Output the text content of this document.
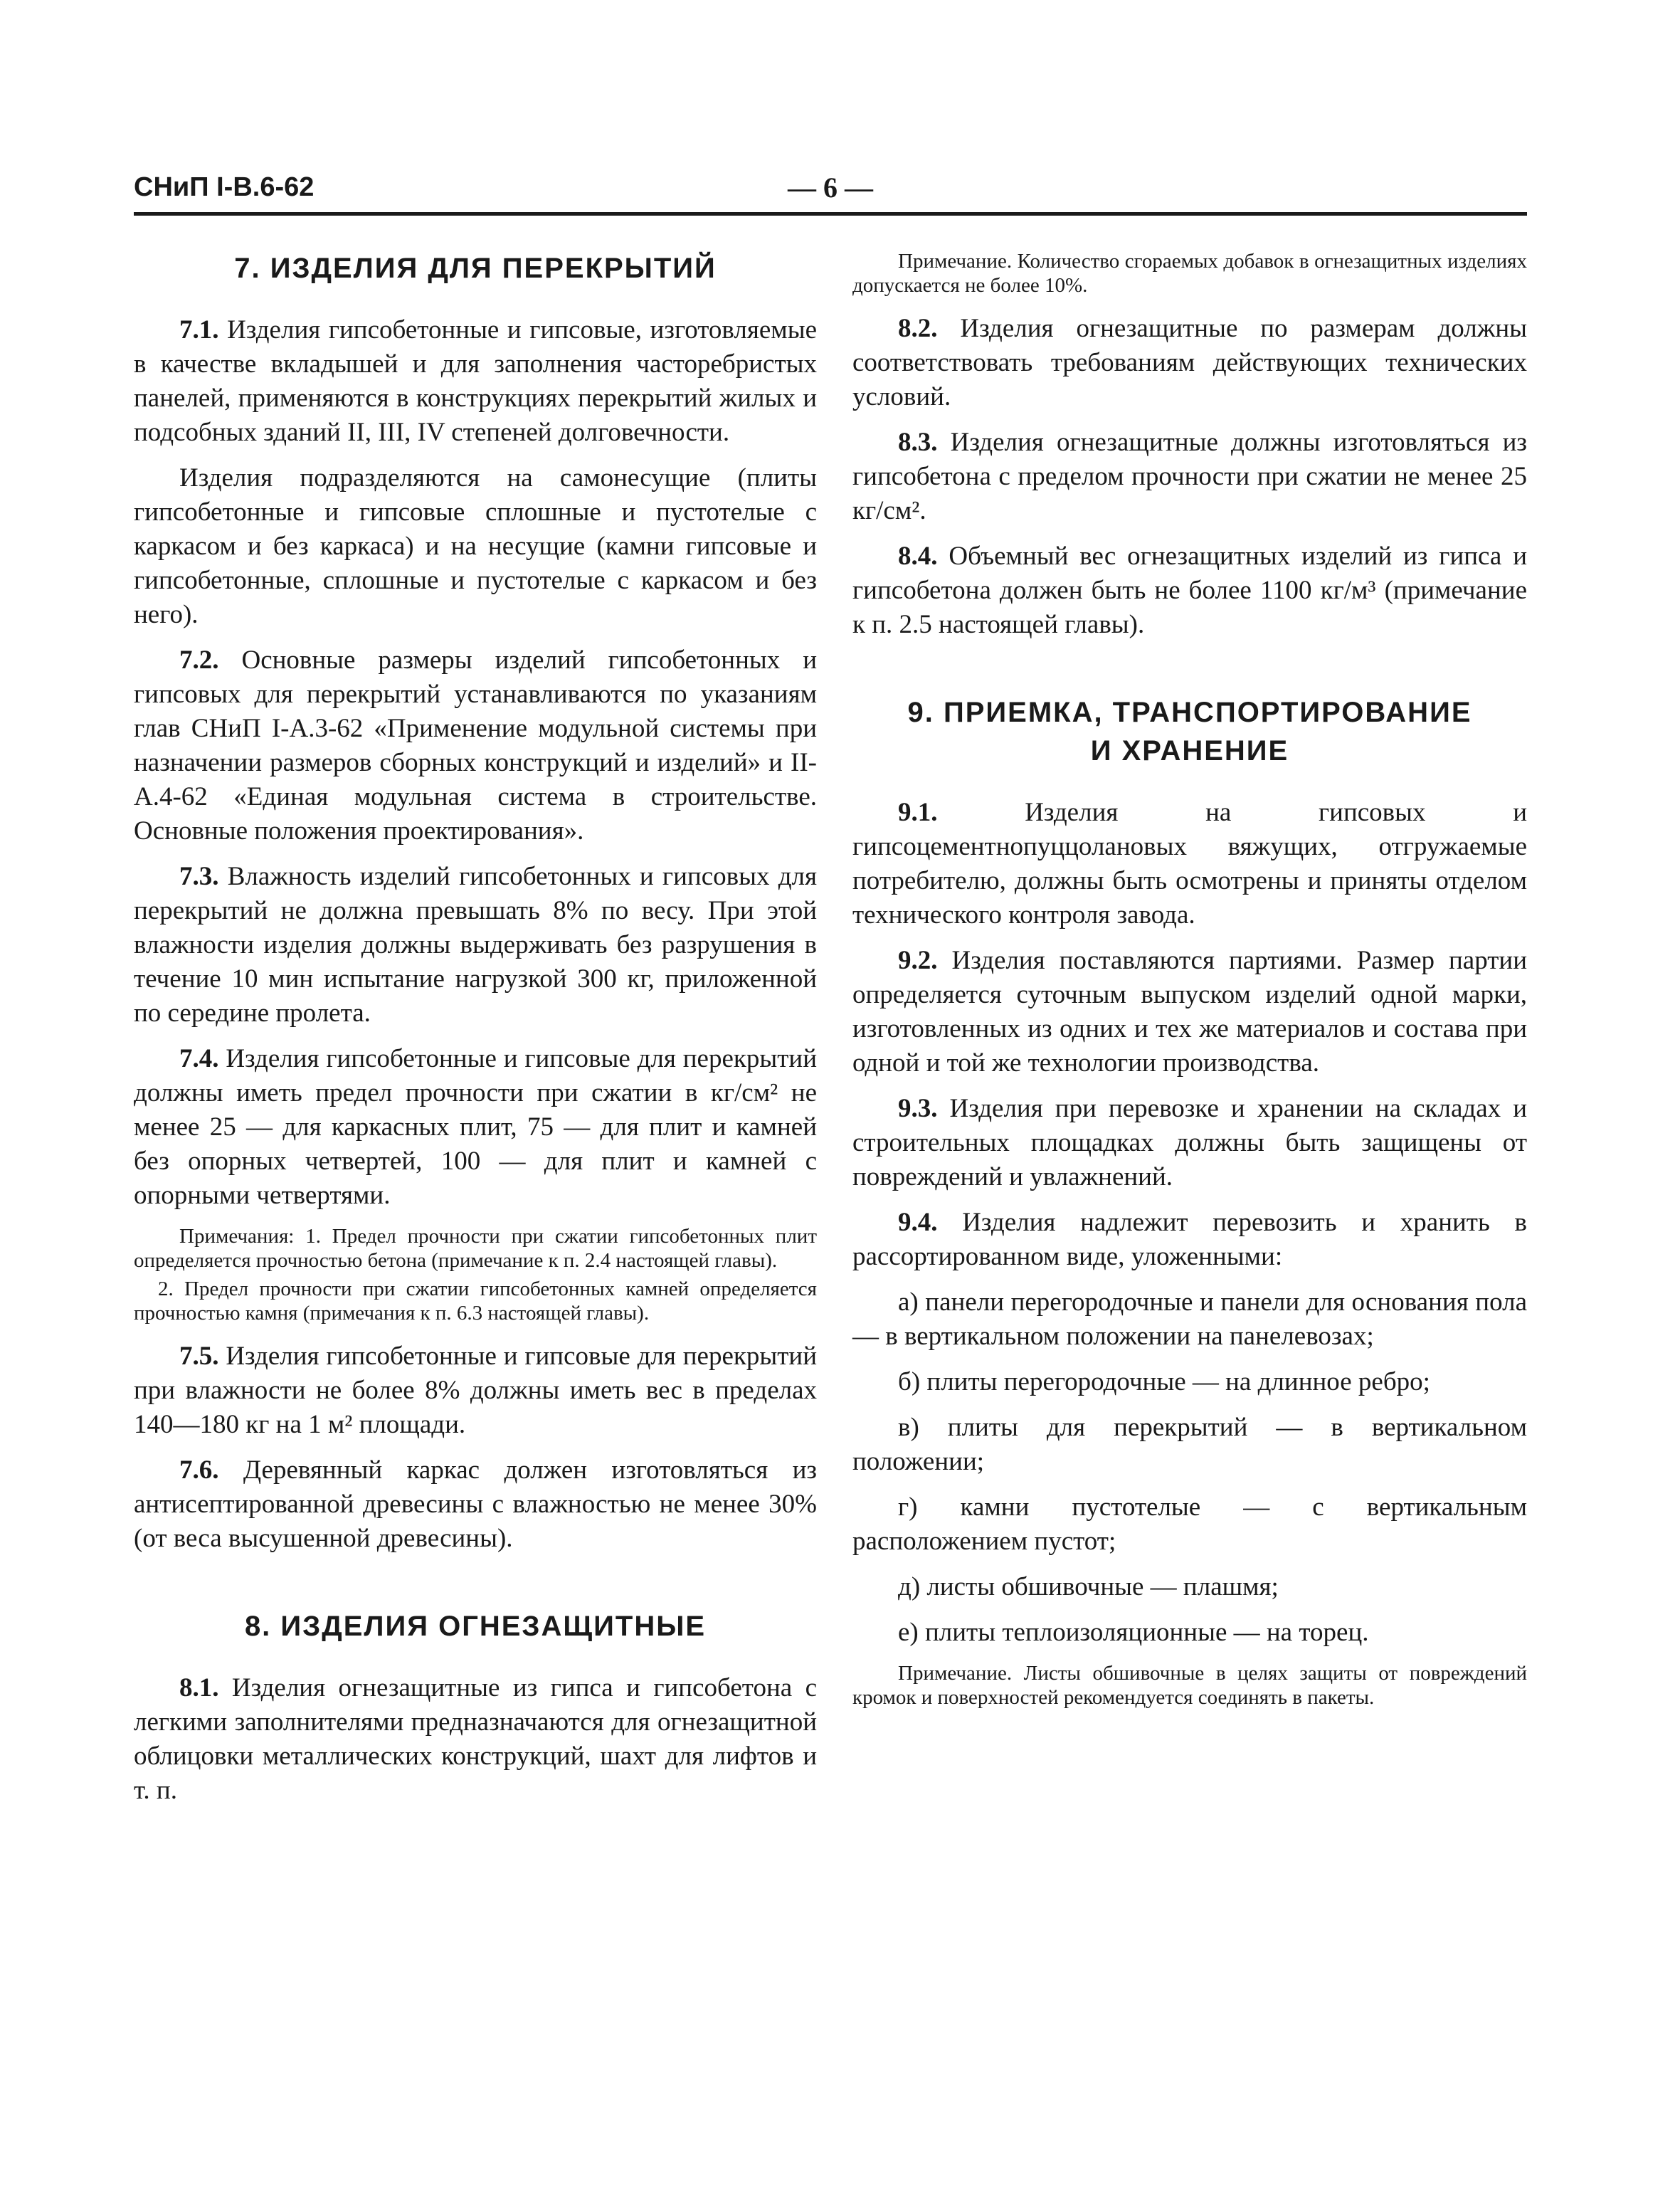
СНиП I-В.6-62	— 6 —
7. ИЗДЕЛИЯ ДЛЯ ПЕРЕКРЫТИЙ

7.1. Изделия гипсобетонные и гипсовые, изготовляемые в качестве вкладышей и для заполнения часторебристых панелей, применяются в конструкциях перекрытий жилых и подсобных зданий II, III, IV степеней долговечности.

Изделия подразделяются на самонесущие (плиты гипсобетонные и гипсовые сплошные и пустотелые с каркасом и без каркаса) и на несущие (камни гипсовые и гипсобетонные, сплошные и пустотелые с каркасом и без него).

7.2. Основные размеры изделий гипсобетонных и гипсовых для перекрытий устанавливаются по указаниям глав СНиП I-А.3-62 «Применение модульной системы при назначении размеров сборных конструкций и изделий» и II-А.4-62 «Единая модульная система в строительстве. Основные положения проектирования».

7.3. Влажность изделий гипсобетонных и гипсовых для перекрытий не должна превышать 8% по весу. При этой влажности изделия должны выдерживать без разрушения в течение 10 мин испытание нагрузкой 300 кг, приложенной по середине пролета.

7.4. Изделия гипсобетонные и гипсовые для перекрытий должны иметь предел прочности при сжатии в кг/см² не менее 25 — для каркасных плит, 75 — для плит и камней без опорных четвертей, 100 — для плит и камней с опорными четвертями.

Примечания: 1. Предел прочности при сжатии гипсобетонных плит определяется прочностью бетона (примечание к п. 2.4 настоящей главы).

2. Предел прочности при сжатии гипсобетонных камней определяется прочностью камня (примечания к п. 6.3 настоящей главы).

7.5. Изделия гипсобетонные и гипсовые для перекрытий при влажности не более 8% должны иметь вес в пределах 140—180 кг на 1 м² площади.

7.6. Деревянный каркас должен изготовляться из антисептированной древесины с влажностью не менее 30% (от веса высушенной древесины).

8. ИЗДЕЛИЯ ОГНЕЗАЩИТНЫЕ

8.1. Изделия огнезащитные из гипса и гипсобетона с легкими заполнителями предназначаются для огнезащитной облицовки металлических конструкций, шахт для лифтов и т. п.

Примечание. Количество сгораемых добавок в огнезащитных изделиях допускается не более 10%.

8.2. Изделия огнезащитные по размерам должны соответствовать требованиям действующих технических условий.

8.3. Изделия огнезащитные должны изготовляться из гипсобетона с пределом прочности при сжатии не менее 25 кг/см².

8.4. Объемный вес огнезащитных изделий из гипса и гипсобетона должен быть не более 1100 кг/м³ (примечание к п. 2.5 настоящей главы).

9. ПРИЕМКА, ТРАНСПОРТИРОВАНИЕ
И ХРАНЕНИЕ

9.1.	Изделия на гипсовых и гипсоцементнопуццолановых вяжущих, отгружаемые потребителю, должны быть осмотрены и приняты отделом технического контроля завода.

9.2. Изделия поставляются партиями. Размер партии определяется суточным выпуском изделий одной марки, изготовленных из одних и тех же материалов и состава при одной и той же технологии производства.

9.3. Изделия при перевозке и хранении на складах и строительных площадках должны быть защищены от повреждений и увлажнений.

9.4. Изделия надлежит перевозить и хранить в рассортированном виде, уложенными:

а) панели перегородочные и панели для основания пола — в вертикальном положении на панелевозах;

б) плиты перегородочные — на длинное ребро;

в) плиты для перекрытий — в вертикальном положении;

г) камни пустотелые — с вертикальным расположением пустот;

д) листы обшивочные — плашмя;

е) плиты теплоизоляционные — на торец.

Примечание. Листы обшивочные в целях защиты от повреждений кромок и поверхностей рекомендуется соединять в пакеты.
